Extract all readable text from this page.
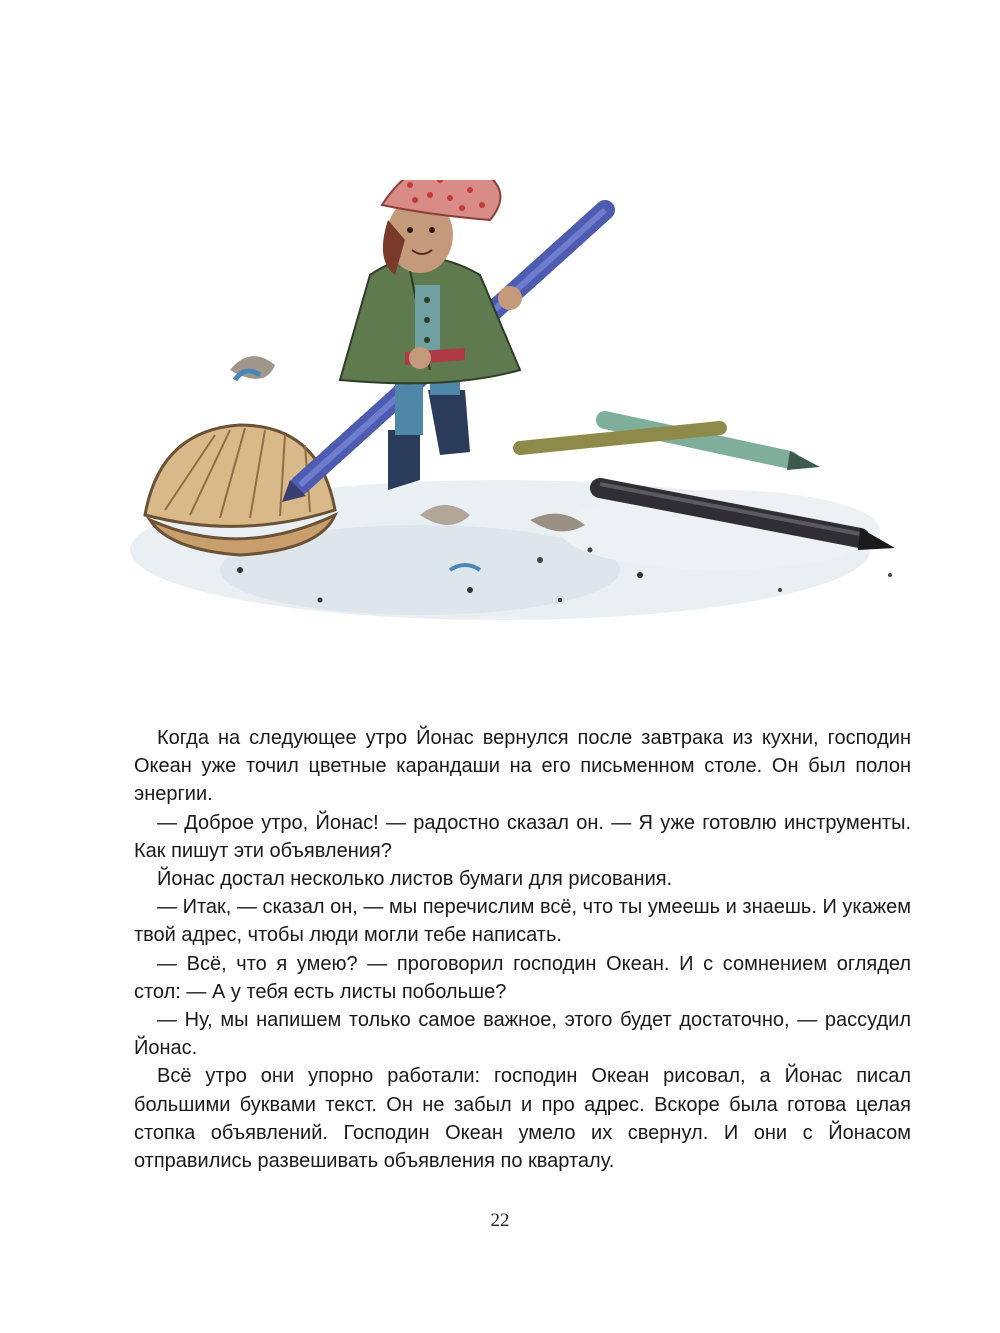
Когда на следующее утро Йонас вернулся после завтрака из кухни, господин Океан уже точил цветные карандаши на его письменном столе. Он был полон энергии.

— Доброе утро, Йонас! — радостно сказал он. — Я уже готовлю инструменты. Как пишут эти объявления?

Йонас достал несколько листов бумаги для рисования.

— Итак, — сказал он, — мы перечислим всё, что ты умеешь и знаешь. И укажем твой адрес, чтобы люди могли тебе написать.

— Всё, что я умею? — проговорил господин Океан. И с сомнением оглядел стол: — А у тебя есть листы побольше?

— Ну, мы напишем только самое важное, этого будет достаточно, — рассудил Йонас.

Всё утро они упорно работали: господин Океан рисовал, а Йонас писал большими буквами текст. Он не забыл и про адрес. Вскоре была готова целая стопка объявлений. Господин Океан умело их свернул. И они с Йонасом отправились развешивать объявления по кварталу.

22
